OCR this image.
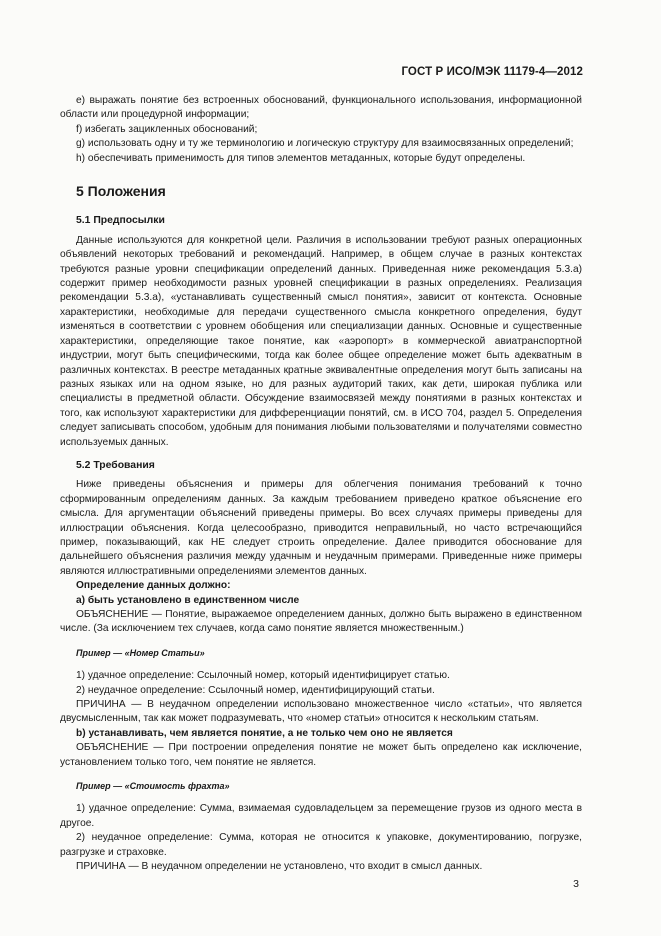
ГОСТ Р ИСО/МЭК 11179-4—2012

e) выражать понятие без встроенных обоснований, функционального использования, информационной области или процедурной информации;

f) избегать зацикленных обоснований;

g) использовать одну и ту же терминологию и логическую структуру для взаимосвязанных определений;

h) обеспечивать применимость для типов элементов метаданных, которые будут определены.

5 Положения
5.1 Предпосылки

Данные используются для конкретной цели. Различия в использовании требуют разных операционных объявлений некоторых требований и рекомендаций. Например, в общем случае в разных контекстах требуются разные уровни спецификации определений данных. Приведенная ниже рекомендация 5.3.a) содержит пример необходимости разных уровней спецификации в разных определениях. Реализация рекомендации 5.3.a), «устанавливать существенный смысл понятия», зависит от контекста. Основные характеристики, необходимые для передачи существенного смысла конкретного определения, будут изменяться в соответствии с уровнем обобщения или специализации данных. Основные и существенные характеристики, определяющие такое понятие, как «аэропорт» в коммерческой авиатранспортной индустрии, могут быть специфическими, тогда как более общее определение может быть адекватным в различных контекстах. В реестре метаданных кратные эквивалентные определения могут быть записаны на разных языках или на одном языке, но для разных аудиторий таких, как дети, широкая публика или специалисты в предметной области. Обсуждение взаимосвязей между понятиями в разных контекстах и того, как используют характеристики для дифференциации понятий, см. в ИСО 704, раздел 5. Определения следует записывать способом, удобным для понимания любыми пользователями и получателями совместно используемых данных.

5.2 Требования

Ниже приведены объяснения и примеры для облегчения понимания требований к точно сформированным определениям данных. За каждым требованием приведено краткое объяснение его смысла. Для аргументации объяснений приведены примеры. Во всех случаях примеры приведены для иллюстрации объяснения. Когда целесообразно, приводится неправильный, но часто встречающийся пример, показывающий, как НЕ следует строить определение. Далее приводится обоснование для дальнейшего объяснения различия между удачным и неудачным примерами. Приведенные ниже примеры являются иллюстративными определениями элементов данных.

Определение данных должно:

a) быть установлено в единственном числе

ОБЪЯСНЕНИЕ — Понятие, выражаемое определением данных, должно быть выражено в единственном числе. (За исключением тех случаев, когда само понятие является множественным.)

Пример — «Номер Статьи»

1) удачное определение: Ссылочный номер, который идентифицирует статью.

2) неудачное определение: Ссылочный номер, идентифицирующий статьи.

ПРИЧИНА — В неудачном определении использовано множественное число «статьи», что является двусмысленным, так как может подразумевать, что «номер статьи» относится к нескольким статьям.

b) устанавливать, чем является понятие, а не только чем оно не является

ОБЪЯСНЕНИЕ — При построении определения понятие не может быть определено как исключение, установлением только того, чем понятие не является.

Пример — «Стоимость фрахта»

1) удачное определение: Сумма, взимаемая судовладельцем за перемещение грузов из одного места в другое.

2) неудачное определение: Сумма, которая не относится к упаковке, документированию, погрузке, разгрузке и страховке.

ПРИЧИНА — В неудачном определении не установлено, что входит в смысл данных.

3
